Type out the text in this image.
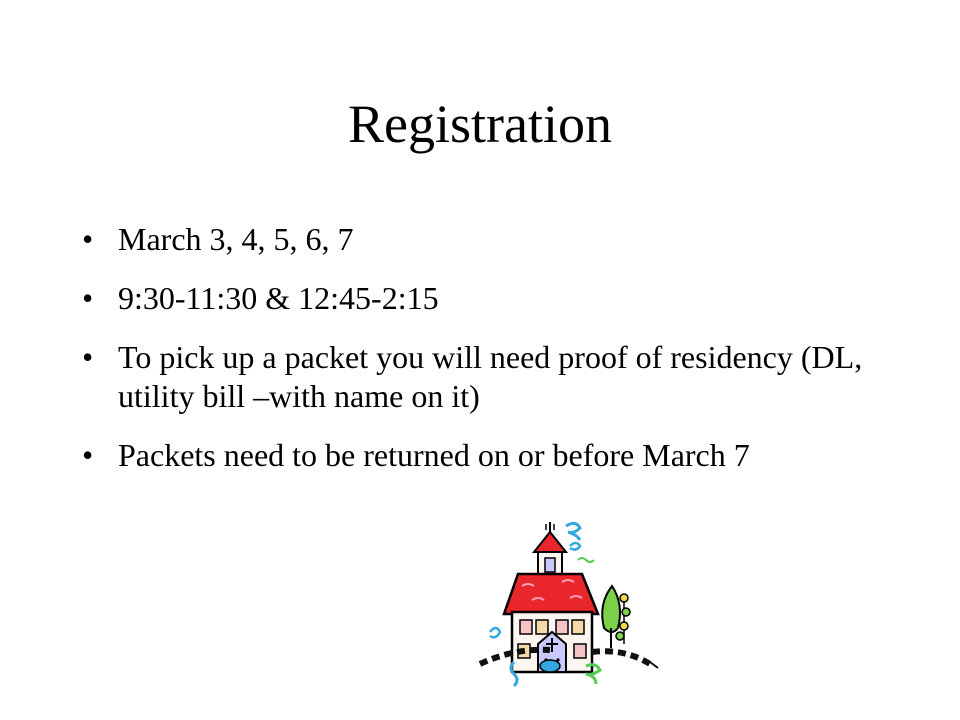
Registration
• March 3, 4, 5, 6, 7
• 9:30-11:30 & 12:45-2:15
• To pick up a packet you will need proof of residency (DL, utility bill –with name on it)
• Packets need to be returned on or before March 7
